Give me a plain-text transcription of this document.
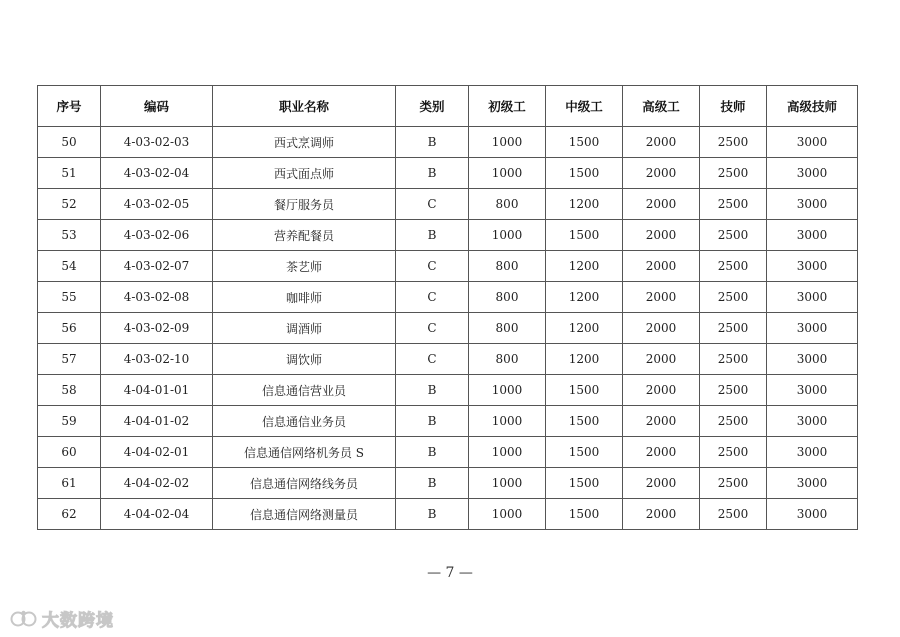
序号	编码	职业名称	类别	初级工	中级工	高级工	技师	高级技师
50	4-03-02-03	西式烹调师	B	1000	1500	2000	2500	3000
51	4-03-02-04	西式面点师	B	1000	1500	2000	2500	3000
52	4-03-02-05	餐厅服务员	C	800	1200	2000	2500	3000
53	4-03-02-06	营养配餐员	B	1000	1500	2000	2500	3000
54	4-03-02-07	茶艺师	C	800	1200	2000	2500	3000
55	4-03-02-08	咖啡师	C	800	1200	2000	2500	3000
56	4-03-02-09	调酒师	C	800	1200	2000	2500	3000
57	4-03-02-10	调饮师	C	800	1200	2000	2500	3000
58	4-04-01-01	信息通信营业员	B	1000	1500	2000	2500	3000
59	4-04-01-02	信息通信业务员	B	1000	1500	2000	2500	3000
60	4-04-02-01	信息通信网络机务员 S	B	1000	1500	2000	2500	3000
61	4-04-02-02	信息通信网络线务员	B	1000	1500	2000	2500	3000
62	4-04-02-04	信息通信网络测量员	B	1000	1500	2000	2500	3000
— 7 —
大数跨境
